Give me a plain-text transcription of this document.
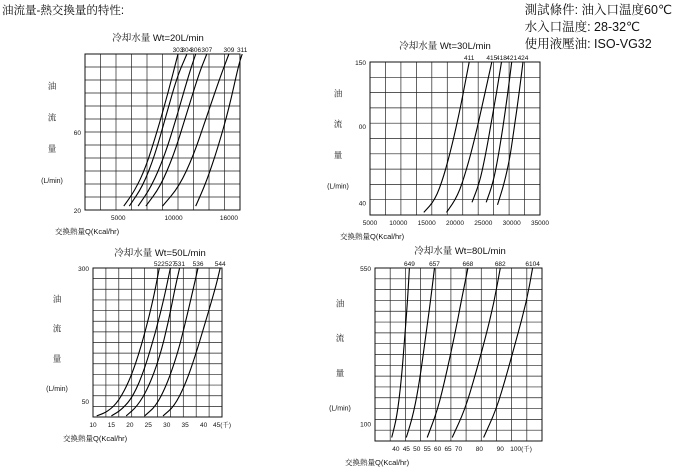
油流量-熱交換量的特性:	測試條件: 油入口温度60℃
水入口温度: 28-32℃
使用液壓油: ISO-VG32
冷却水量 Wt=20L/min
油
流
量
(L/min)
20
60
5000	10000	16000
交換熱量Q(Kcal/hr)
303
304
306 307 309 311	冷却水量 Wt=30L/min
油
流
量
(L/min)
40
00
150
5000 10000 15000 20000 25000 30000 35000
交換熱量Q(Kcal/hr)
411 415
418 421 424
冷却水量 Wt=50L/min
油
流
量
(L/min)
50
300
10 15 20 25 30 35 40 45(千)
交換熱量Q(Kcal/hr)
522 527
531 536 544
冷却水量 Wt=80L/min
油
流
量
(L/min)
100
550
40 45 50 55 60 65 70 80 90 100(千)
交換熱量Q(Kcal/hr)
649 657	668	682	6104
